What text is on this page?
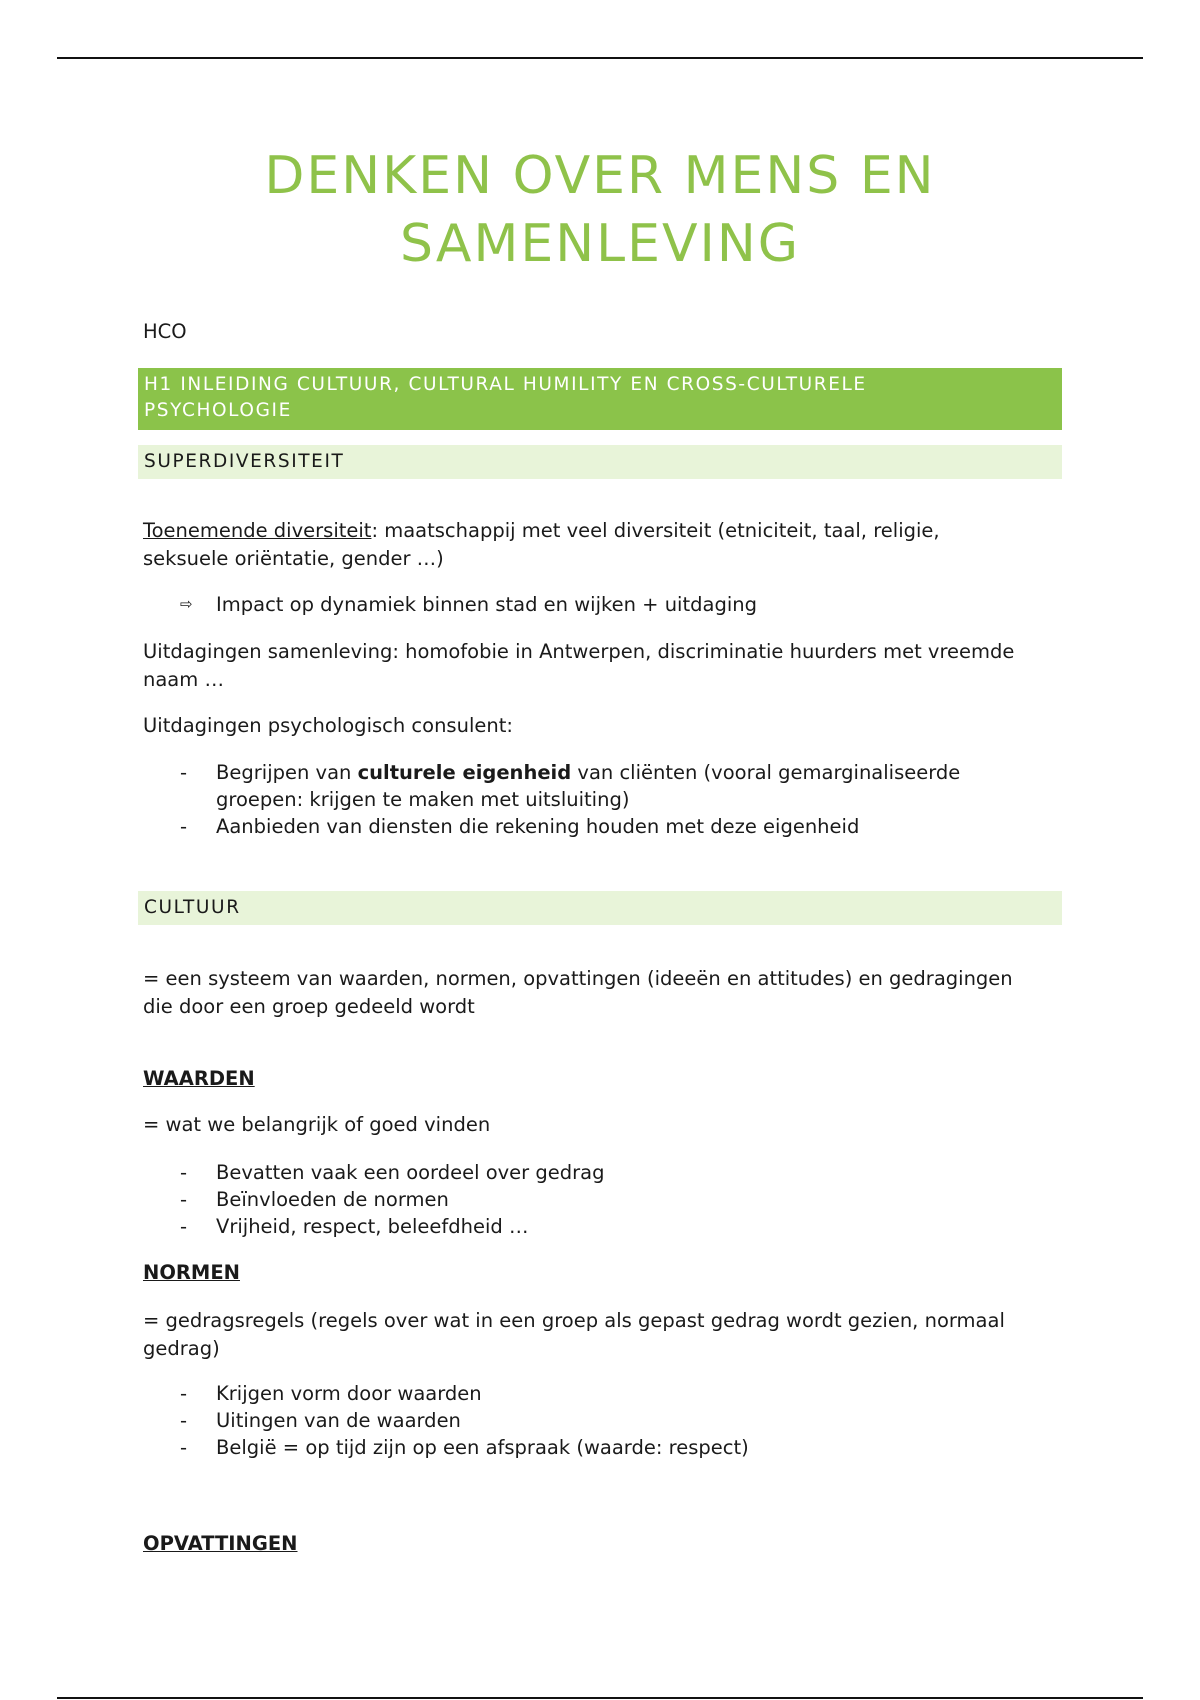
DENKEN OVER MENS EN
SAMENLEVING
HCO
H1 INLEIDING CULTUUR, CULTURAL HUMILITY EN CROSS-CULTURELE
PSYCHOLOGIE
SUPERDIVERSITEIT
Toenemende diversiteit: maatschappij met veel diversiteit (etniciteit, taal, religie,
seksuele oriëntatie, gender …)
⇨ Impact op dynamiek binnen stad en wijken + uitdaging
Uitdagingen samenleving: homofobie in Antwerpen, discriminatie huurders met vreemde
naam …
Uitdagingen psychologisch consulent:
- Begrijpen van culturele eigenheid van cliënten (vooral gemarginaliseerde
groepen: krijgen te maken met uitsluiting)
- Aanbieden van diensten die rekening houden met deze eigenheid
CULTUUR
= een systeem van waarden, normen, opvattingen (ideeën en attitudes) en gedragingen
die door een groep gedeeld wordt
WAARDEN
= wat we belangrijk of goed vinden
- Bevatten vaak een oordeel over gedrag
- Beïnvloeden de normen
- Vrijheid, respect, beleefdheid …
NORMEN
= gedragsregels (regels over wat in een groep als gepast gedrag wordt gezien, normaal
gedrag)
- Krijgen vorm door waarden
- Uitingen van de waarden
- België = op tijd zijn op een afspraak (waarde: respect)
OPVATTINGEN
